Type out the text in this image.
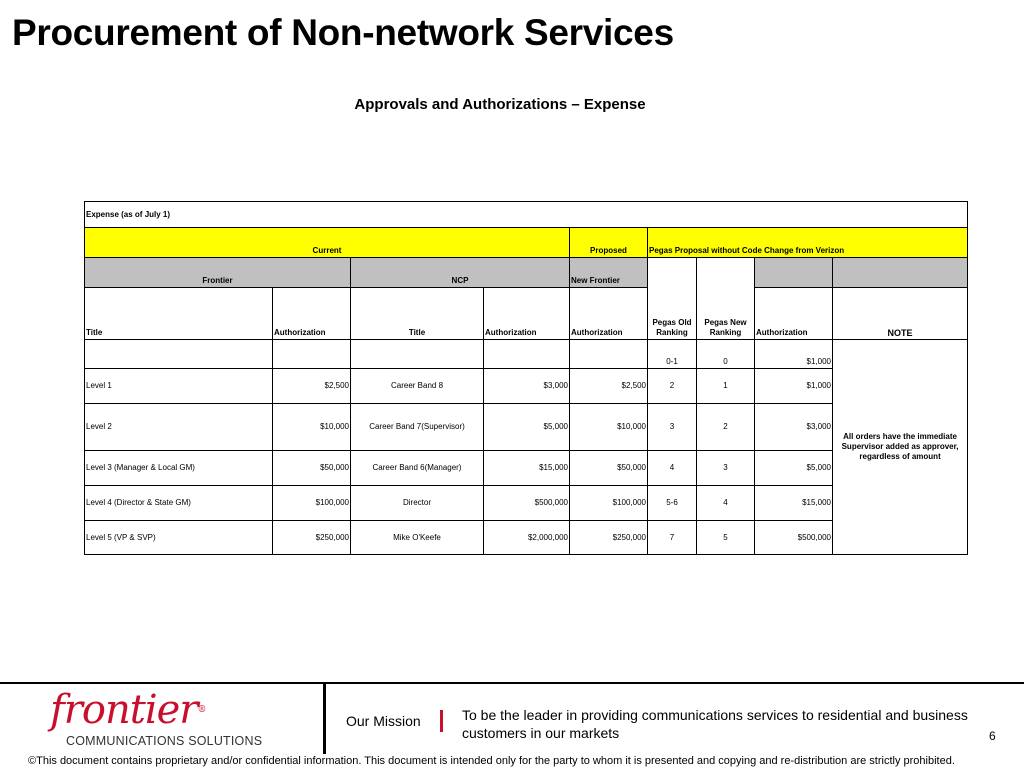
Procurement of Non-network Services
Approvals and Authorizations – Expense
Expense (as of July 1)								
Current				Proposed	Pegas Proposal without Code Change from Verizon			
Frontier		NCP		New Frontier	Pegas Old Ranking	Pegas New Ranking		
Title	Authorization	Title	Authorization	Authorization			Authorization	NOTE
					0-1	0	$1,000	All orders have the immediate Supervisor added as approver, regardless of amount
Level 1	$2,500	Career Band 8	$3,000	$2,500	2	1	$1,000	
Level 2	$10,000	Career Band 7(Supervisor)	$5,000	$10,000	3	2	$3,000	
Level 3 (Manager & Local GM)	$50,000	Career Band 6(Manager)	$15,000	$50,000	4	3	$5,000	
Level 4 (Director & State GM)	$100,000	Director	$500,000	$100,000	5-6	4	$15,000	
Level 5 (VP & SVP)	$250,000	Mike O'Keefe	$2,000,000	$250,000	7	5	$500,000	
frontier®
COMMUNICATIONS SOLUTIONS
Our Mission	To be the leader in providing communications services to residential and business customers in our markets	6
©This document contains proprietary and/or confidential information. This document is intended only for the party to whom it is presented and copying and re-distribution are strictly prohibited.
